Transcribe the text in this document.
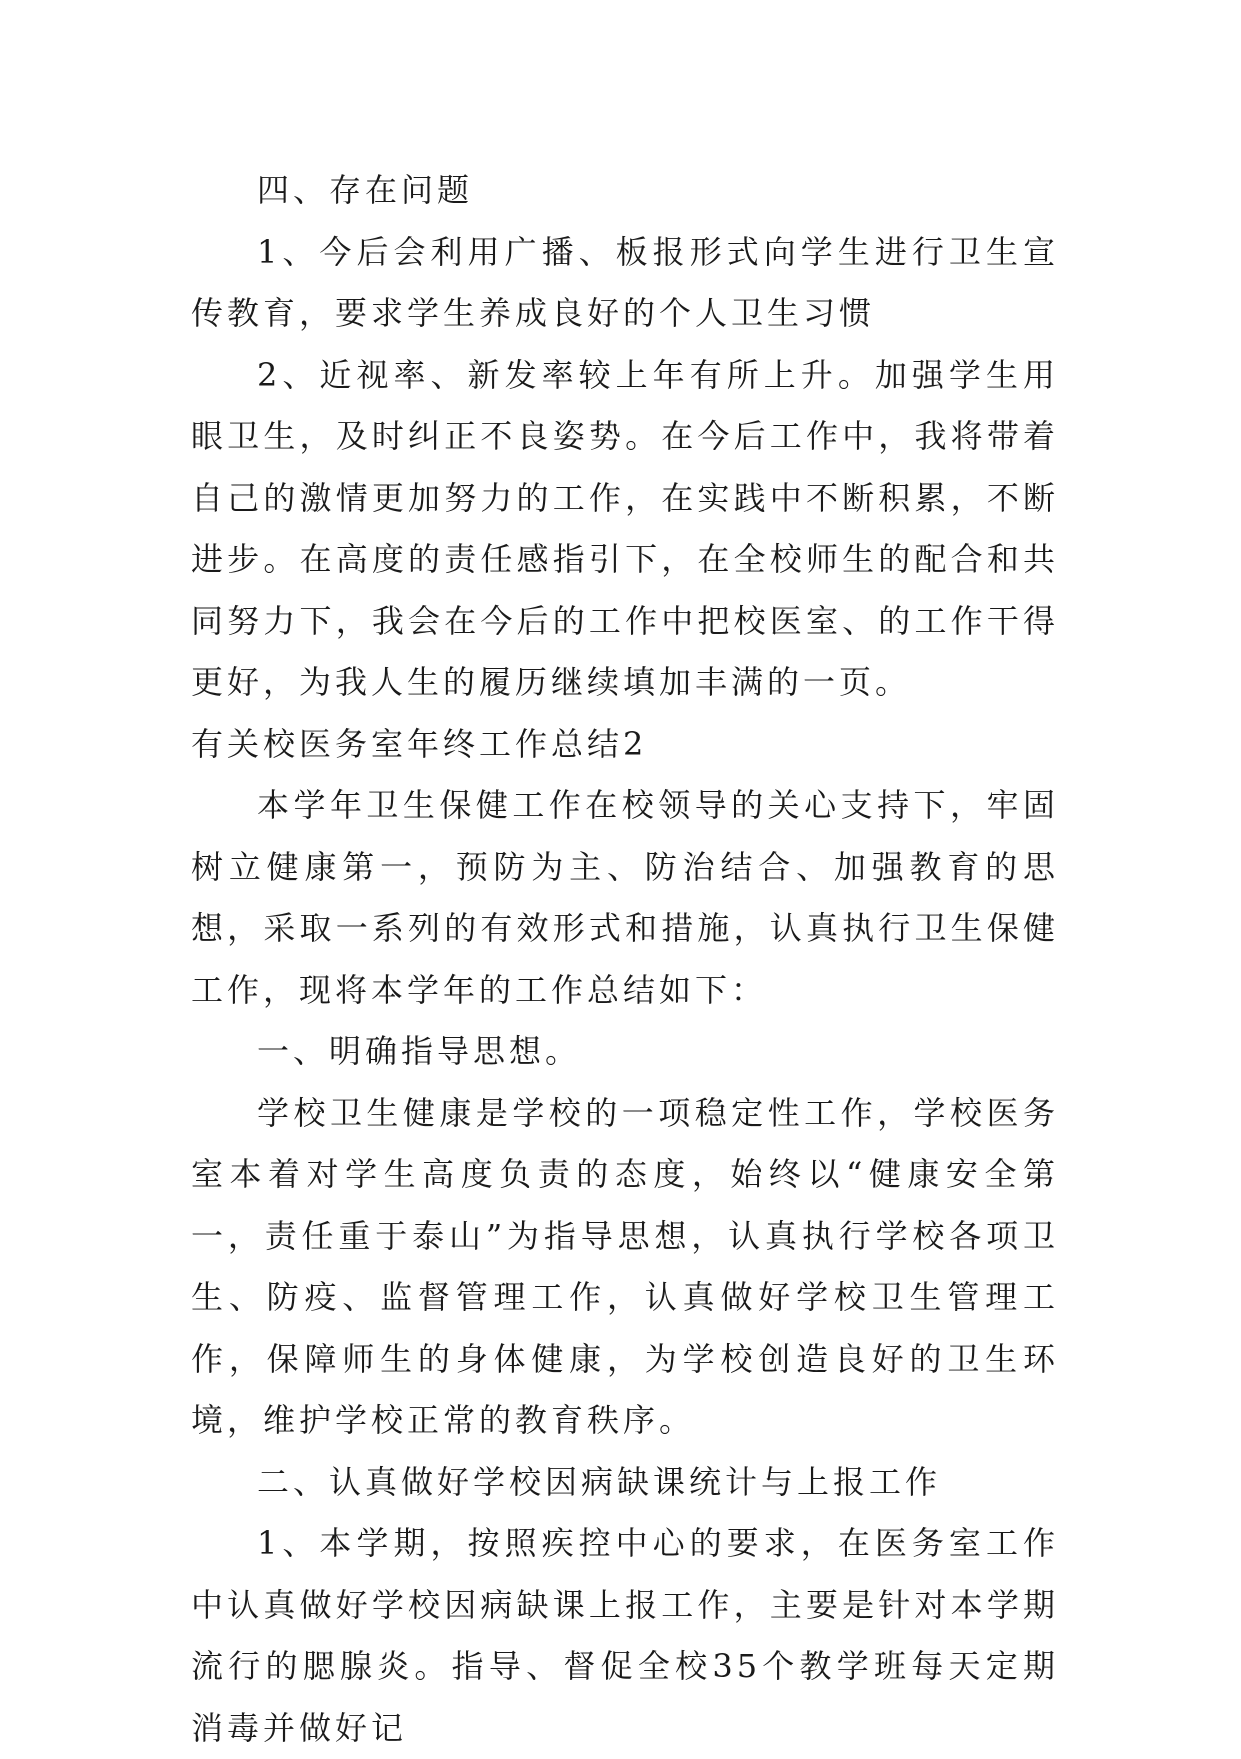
四、存在问题

1、今后会利用广播、板报形式向学生进行卫生宣传教育，要求学生养成良好的个人卫生习惯

2、近视率、新发率较上年有所上升。加强学生用眼卫生，及时纠正不良姿势。在今后工作中，我将带着自己的激情更加努力的工作，在实践中不断积累，不断进步。在高度的责任感指引下，在全校师生的配合和共同努力下，我会在今后的工作中把校医室、的工作干得更好，为我人生的履历继续填加丰满的一页。

有关校医务室年终工作总结2

本学年卫生保健工作在校领导的关心支持下，牢固树立健康第一，预防为主、防治结合、加强教育的思想，采取一系列的有效形式和措施，认真执行卫生保健工作，现将本学年的工作总结如下：

一、明确指导思想。

学校卫生健康是学校的一项稳定性工作，学校医务室本着对学生高度负责的态度，始终以“健康安全第一，责任重于泰山”为指导思想，认真执行学校各项卫生、防疫、监督管理工作，认真做好学校卫生管理工作，保障师生的身体健康，为学校创造良好的卫生环境，维护学校正常的教育秩序。

二、认真做好学校因病缺课统计与上报工作

1、本学期，按照疾控中心的要求，在医务室工作中认真做好学校因病缺课上报工作，主要是针对本学期流行的腮腺炎。指导、督促全校35个教学班每天定期消毒并做好记
